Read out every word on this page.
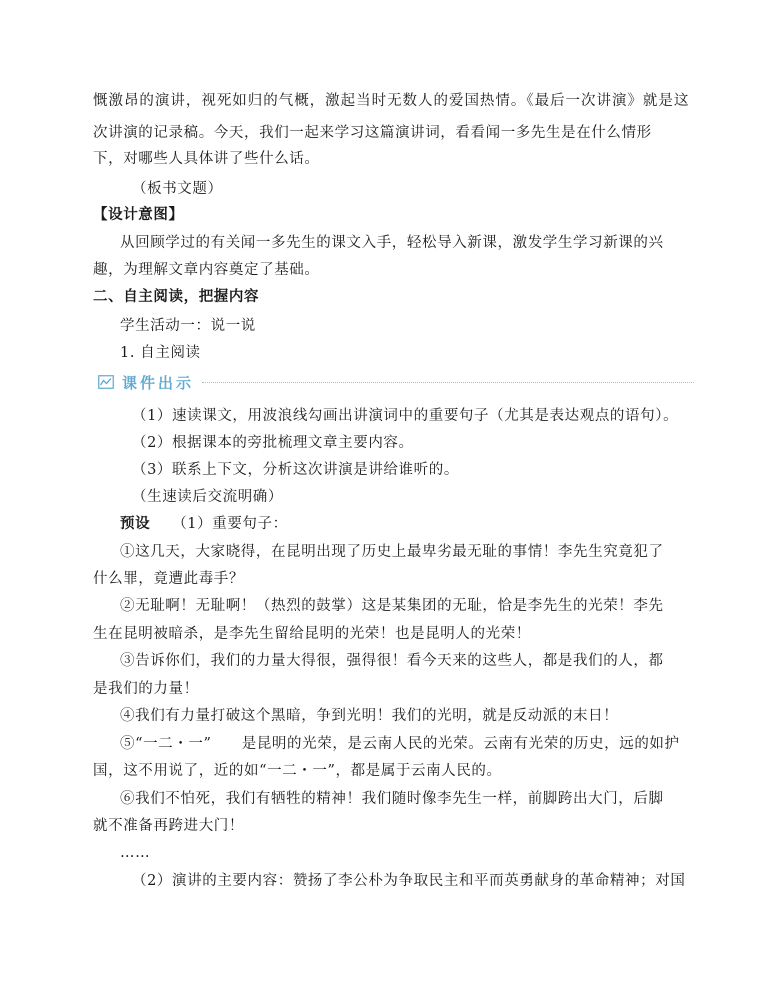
慨激昂的演讲，视死如归的气概，激起当时无数人的爱国热情。《最后一次讲演》就是这
次讲演的记录稿。今天，我们一起来学习这篇演讲词，看看闻一多先生是在什么情形
下，对哪些人具体讲了些什么话。
（板书文题）
【设计意图】
从回顾学过的有关闻一多先生的课文入手，轻松导入新课，激发学生学习新课的兴
趣，为理解文章内容奠定了基础。
二、自主阅读，把握内容
学生活动一：说一说
1. 自主阅读
课件出示
（1）速读课文，用波浪线勾画出讲演词中的重要句子（尤其是表达观点的语句）。
（2）根据课本的旁批梳理文章主要内容。
（3）联系上下文，分析这次讲演是讲给谁听的。
（生速读后交流明确）
预设 （1）重要句子：
①这几天，大家晓得，在昆明出现了历史上最卑劣最无耻的事情！李先生究竟犯了
什么罪，竟遭此毒手？
②无耻啊！无耻啊！（热烈的鼓掌）这是某集团的无耻，恰是李先生的光荣！李先
生在昆明被暗杀，是李先生留给昆明的光荣！也是昆明人的光荣！
③告诉你们，我们的力量大得很，强得很！看今天来的这些人，都是我们的人，都
是我们的力量！
④我们有力量打破这个黑暗，争到光明！我们的光明，就是反动派的末日！
⑤“一二・一”　　是昆明的光荣，是云南人民的光荣。云南有光荣的历史，远的如护
国，这不用说了，近的如“一二・一”，都是属于云南人民的。
⑥我们不怕死，我们有牺牲的精神！我们随时像李先生一样，前脚跨出大门，后脚
就不准备再跨进大门！
……
（2）演讲的主要内容：赞扬了李公朴为争取民主和平而英勇献身的革命精神；对国
